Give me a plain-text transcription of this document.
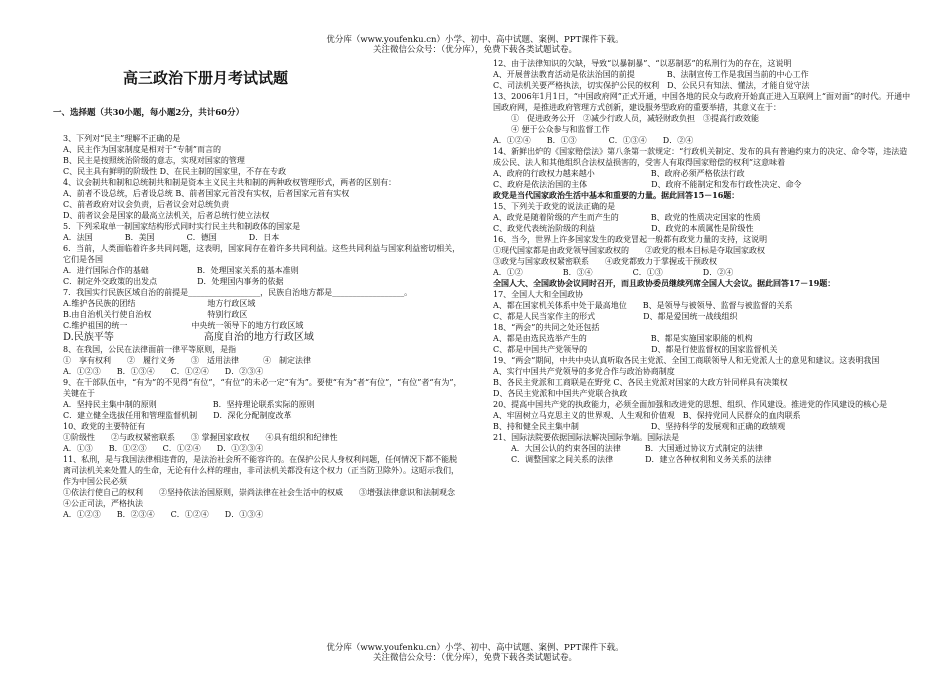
优分库（www.youfenku.cn）小学、初中、高中试题、案例、PPT课件下载。
关注微信公众号：（优分库），免费下载各类试题试卷。

高三政治下册月考试试题

一、选择题（共30小题，每小题2分，共计60分）

3、下列对“民主”理解不正确的是

A、民主作为国家制度是相对于“专制”而言的

B、民主是按照统治阶级的意志，实现对国家的管理

C、民主具有鲜明的阶级性 D、在民主制的国家里，不存在专政

4、议会制共和制和总统制共和制是资本主义民主共和制的两种政权管理形式，两者的区别有：

A、前者不设总统，后者设总统 B、前者国家元首没有实权，后者国家元首有实权

C、前者政府对议会负责，后者议会对总统负责

D、前者议会是国家的最高立法机关，后者总统行使立法权

5．下列采取单一制国家结构形式同时实行民主共和制政体的国家是

A．法国　　　　B．美国　　　　C．德国　　　　D．日本

6．当前，人类面临着许多共同问题，这表明，国家间存在着许多共同利益。这些共同利益与国家利益密切相关，它们是各国

A．进行国际合作的基础　　　　　　B．处理国家关系的基本准则

C．制定外交政策的出发点　　　　　D．处理国内事务的依据

7．我国实行民族区域自治的前提是__________________，民族自治地方都是__________________。

A.维护各民族的团结　　　　　　　　　地方行政区域

B.由自治机关行使自治权　　　　　　　特别行政区

C.维护祖国的统一　　　　　　　　中央统一领导下的地方行政区域

D.民族平等　　　　　　　　　高度自治的地方行政区域

8、在我国，公民在法律面前一律平等原则，是指

①　享有权利　　②　履行义务　　③　适用法律　　　④　制定法律

A．①②③　　B．①③④　　C．①②④　　D．②③④

9、在干部队伍中，“有为”的不见得“有位”，“有位”的未必一定“有为”。要使“有为”者“有位”，“有位”者“有为”，关键在于

A．坚持民主集中制的原则　　　　　　　B．坚持理论联系实际的原则

C．建立健全选拔任用和管理监督机制　　D．深化分配制度改革

10、政党的主要特征有

①阶级性　　②与政权紧密联系　　③ 掌握国家政权　　④具有组织和纪律性

A．①③　　B．①②③　　C．①②④　　D．①②③④

11、私刑，是与我国法律相违背的，是法治社会所不能容许的。在保护公民人身权利问题，任何情况下都不能脱离司法机关来处置人的生命，无论有什么样的理由，非司法机关都没有这个权力（正当防卫除外）。这昭示我们，作为中国公民必须

①依法行使自己的权利　　②坚持依法治国原则，崇尚法律在社会生活中的权威　　③增强法律意识和法制观念　　④公正司法，严格执法

A．①②③　　B．②③④　　C．①②④　　D．①③④

12、由于法律知识的欠缺，导致“以暴制暴”、“以恶制恶”的私刑行为的存在，这说明

A、开展普法教育活动是依法治国的前提　　　　B、法制宣传工作是我国当前的中心工作

C、司法机关要严格执法，切实保护公民的权利　D、公民只有知法、懂法，才能自觉守法

13、2006年1月1日，“中国政府网”正式开通，中国各地的民众与政府开始真正进入互联网上“面对面”的时代。开通中国政府网，是推进政府管理方式创新，建设服务型政府的重要举措，其意义在于：

①　促进政务公开　②减少行政人员，减轻财政负担　③提高行政效能

④ 便于公众参与和监督工作

A．①②④　　B．①③　　　　C．①③④　　D．②④

14、新鲜出炉的《国家赔偿法》第八条第一款规定：“行政机关制定、发布的具有普遍约束力的决定、命令等，违法造成公民、法人和其他组织合法权益损害的，受害人有取得国家赔偿的权利”这意味着

A、政府的行政权力越来越小　　　　　　　B、政府必须严格依法行政

C、政府是依法治国的主体　　　　　　　　D、政府不能制定和发布行政性决定、命令

政党是当代国家政治生活中基本和重要的力量。据此回答15－16题：

15、下列关于政党的说法正确的是

A、政党是随着阶级的产生而产生的　　　　B、政党的性质决定国家的性质

C、政党代表统治阶级的利益　　　　　　　D、政党的本质属性是阶级性

16、当今，世界上许多国家发生的政党冒起一般都有政党力量的支持，这说明

①现代国家都是由政党领导国家政权的　　②政党的根本目标是夺取国家政权

③政党与国家政权紧密联系　　④政党都致力于掌握或干预政权

A．①②　　　　　B．③④　　　　　C．①③　　　　　D．②④

全国人大、全国政协会议同时召开，而且政协委员继续列席全国人大会议。据此回答17－19题：

17、全国人大和全国政协

A、都在国家机关体系中处于最高地位　　B、是领导与被领导、监督与被监督的关系

C、都是人民当家作主的形式　　　　　　D、都是爱国统一战线组织

18、“两会”的共同之处还包括

A、都是由选民选举产生的　　　　　　　　B、都是实施国家职能的机构

C、都是中国共产党领导的　　　　　　　　D、都是行使监督权的国家监督机关

19、“两会”期间，中共中央认真听取各民主党派、全国工商联领导人和无党派人士的意见和建议。这表明我国

A、实行中国共产党领导的多党合作与政治协商制度

B、各民主党派和工商联是在野党 C、各民主党派对国家的大政方针同样具有决策权

D、各民主党派和中国共产党联合执政

20、提高中国共产党的执政能力，必须全面加强和改进党的思想、组织、作风建设。推进党的作风建设的核心是

A、牢固树立马克思主义的世界观、人生观和价值观　B、保持党同人民群众的血肉联系

B、持和健全民主集中制　　　　　　　　　D、坚持科学的发展观和正确的政绩观

21、国际法院要依据国际法解决国际争端。国际法是

A．大国公认的约束各国的法律　　　B．大国通过协议方式制定的法律

C．调整国家之间关系的法律　　　　D．建立各种权利和义务关系的法律

优分库（www.youfenku.cn）小学、初中、高中试题、案例、PPT课件下载。
关注微信公众号：（优分库），免费下载各类试题试卷。
